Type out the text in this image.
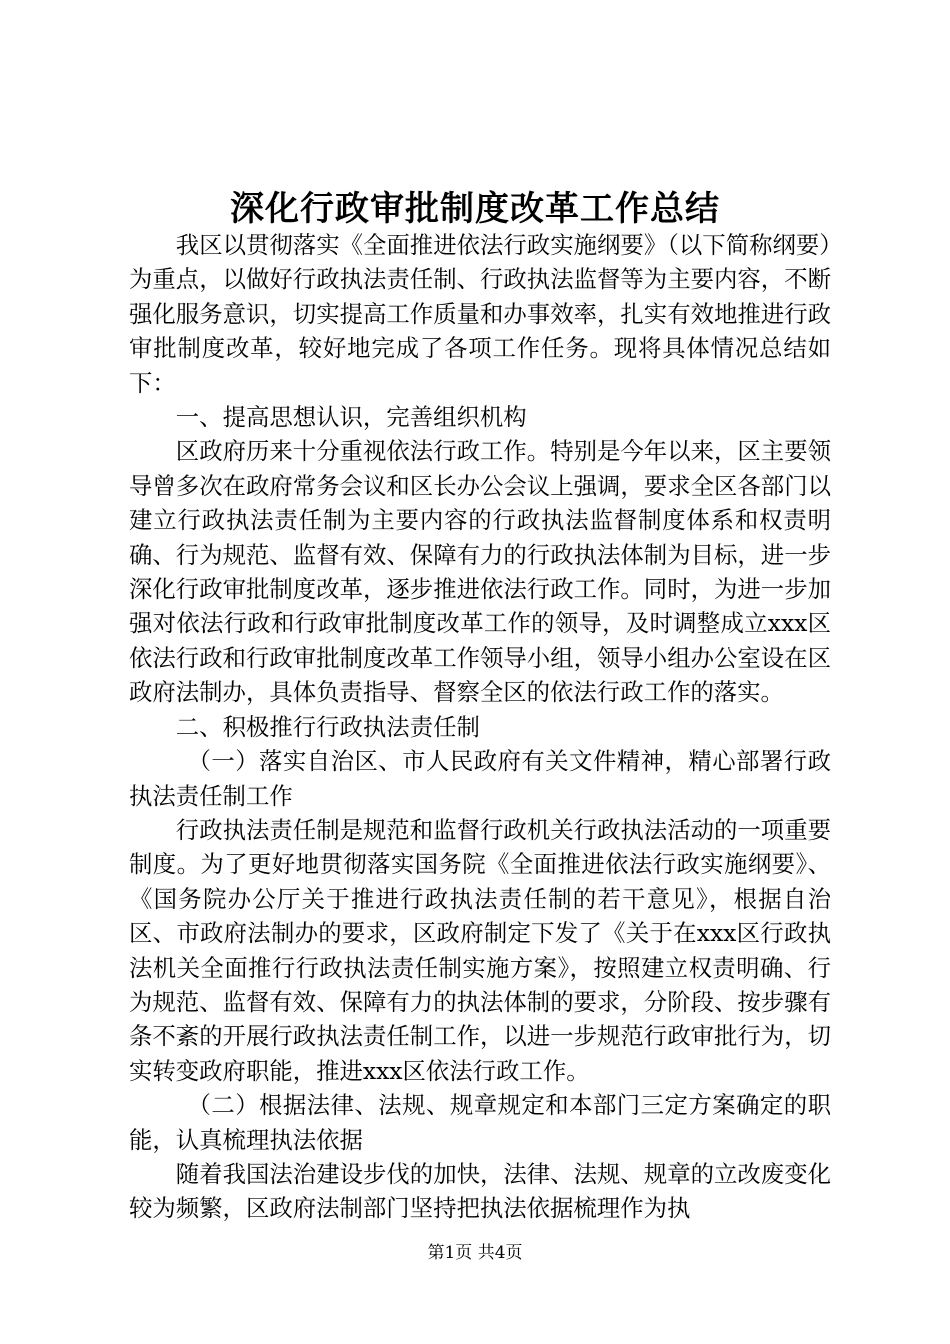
深化行政审批制度改革工作总结

我区以贯彻落实《全面推进依法行政实施纲要》（以下简称纲要）为重点，以做好行政执法责任制、行政执法监督等为主要内容，不断强化服务意识，切实提高工作质量和办事效率，扎实有效地推进行政审批制度改革，较好地完成了各项工作任务。现将具体情况总结如下：

一、提高思想认识，完善组织机构

区政府历来十分重视依法行政工作。特别是今年以来，区主要领导曾多次在政府常务会议和区长办公会议上强调，要求全区各部门以建立行政执法责任制为主要内容的行政执法监督制度体系和权责明确、行为规范、监督有效、保障有力的行政执法体制为目标，进一步深化行政审批制度改革，逐步推进依法行政工作。同时，为进一步加强对依法行政和行政审批制度改革工作的领导，及时调整成立xxx区依法行政和行政审批制度改革工作领导小组，领导小组办公室设在区政府法制办，具体负责指导、督察全区的依法行政工作的落实。

二、积极推行行政执法责任制

（一）落实自治区、市人民政府有关文件精神，精心部署行政执法责任制工作

行政执法责任制是规范和监督行政机关行政执法活动的一项重要制度。为了更好地贯彻落实国务院《全面推进依法行政实施纲要》、《国务院办公厅关于推进行政执法责任制的若干意见》，根据自治区、市政府法制办的要求，区政府制定下发了《关于在xxx区行政执法机关全面推行行政执法责任制实施方案》，按照建立权责明确、行为规范、监督有效、保障有力的执法体制的要求，分阶段、按步骤有条不紊的开展行政执法责任制工作，以进一步规范行政审批行为，切实转变政府职能，推进xxx区依法行政工作。

（二）根据法律、法规、规章规定和本部门三定方案确定的职能，认真梳理执法依据

随着我国法治建设步伐的加快，法律、法规、规章的立改废变化较为频繁，区政府法制部门坚持把执法依据梳理作为执

第1页 共4页
